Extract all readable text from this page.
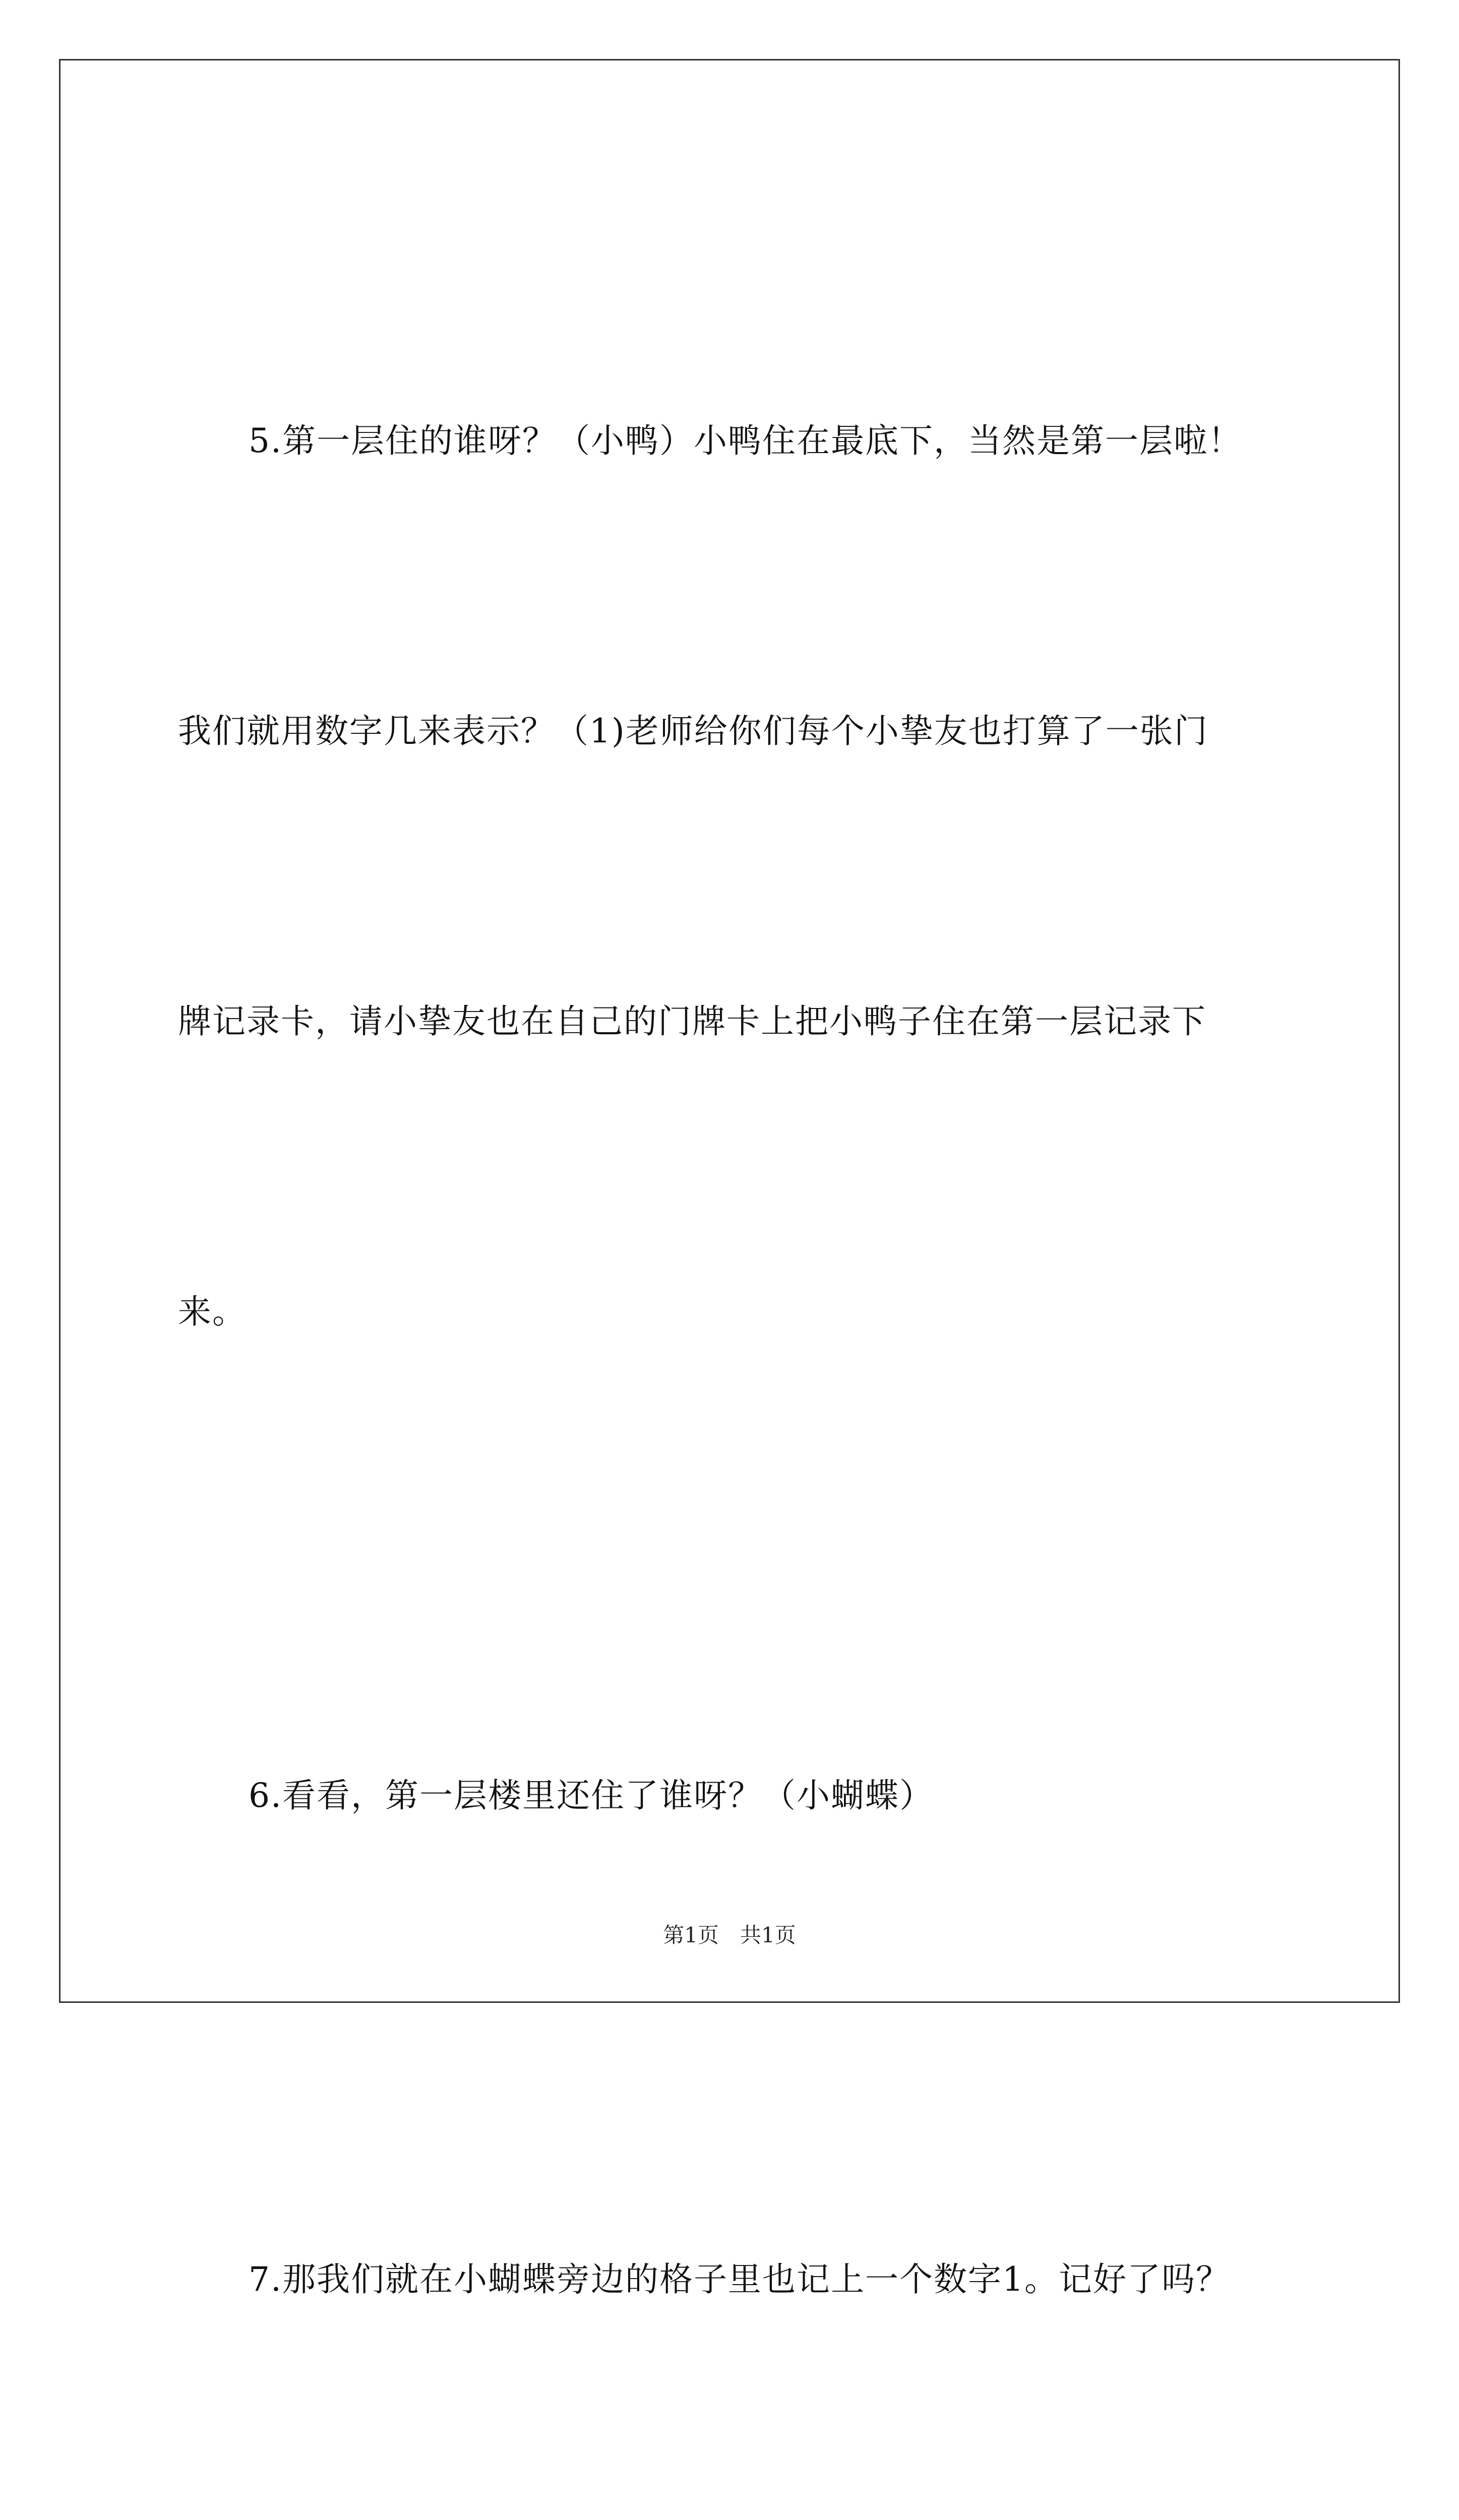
5.第一层住的谁呀？（小鸭）小鸭住在最底下，当然是第一层啦！

我们就用数字几来表示？（1)老师给你们每个小挚友也打算了一张门

牌记录卡，请小挚友也在自己的门牌卡上把小鸭子住在第一层记录下

来。

6.看看，第一层楼里还住了谁呀？（小蝴蝶）

7.那我们就在小蝴蝶旁边的格子里也记上一个数字1。记好了吗？

第1页　共1页
